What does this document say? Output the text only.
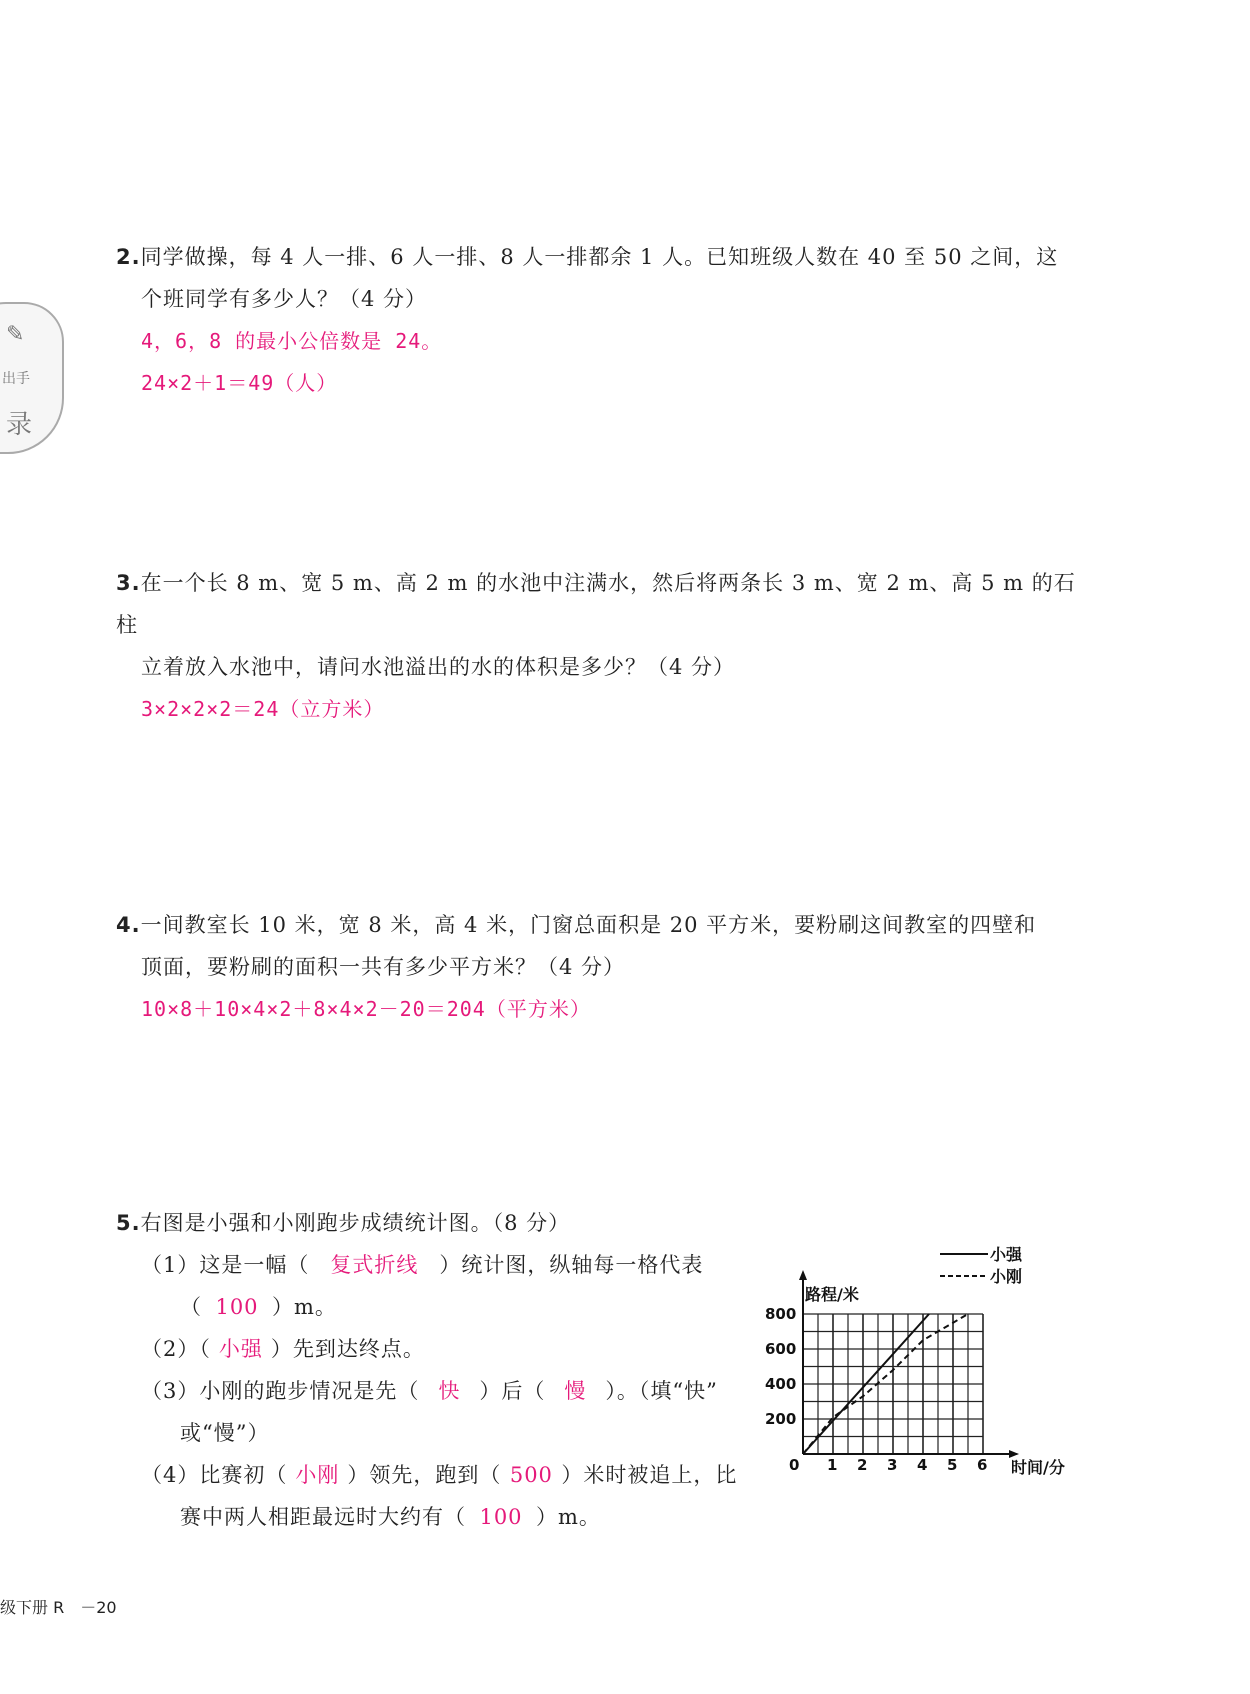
✎
出手
录
2.同学做操，每 4 人一排、6 人一排、8 人一排都余 1 人。已知班级人数在 40 至 50 之间，这
个班同学有多少人？（4 分）
4，6，8 的最小公倍数是 24。
24×2＋1＝49（人）
3.在一个长 8 m、宽 5 m、高 2 m 的水池中注满水，然后将两条长 3 m、宽 2 m、高 5 m 的石柱
立着放入水池中，请问水池溢出的水的体积是多少？（4 分）
3×2×2×2＝24（立方米）
4.一间教室长 10 米，宽 8 米，高 4 米，门窗总面积是 20 平方米，要粉刷这间教室的四壁和
顶面，要粉刷的面积一共有多少平方米？（4 分）
10×8＋10×4×2＋8×4×2－20＝204（平方米）
5.右图是小强和小刚跑步成绩统计图。（8 分）
（1）这是一幅（ 复式折线 ）统计图，纵轴每一格代表
（ 100 ）m。
（2）（ 小强 ）先到达终点。
（3）小刚的跑步情况是先（ 快 ）后（ 慢 ）。（填“快”
或“慢”）
（4）比赛初（ 小刚 ）领先，跑到（ 500 ）米时被追上，比
赛中两人相距最远时大约有（ 100 ）m。
路程/米
时间/分
0 1 2 3 4 5 6
200
400
600
800
小强
小刚
级下册 R　－20
